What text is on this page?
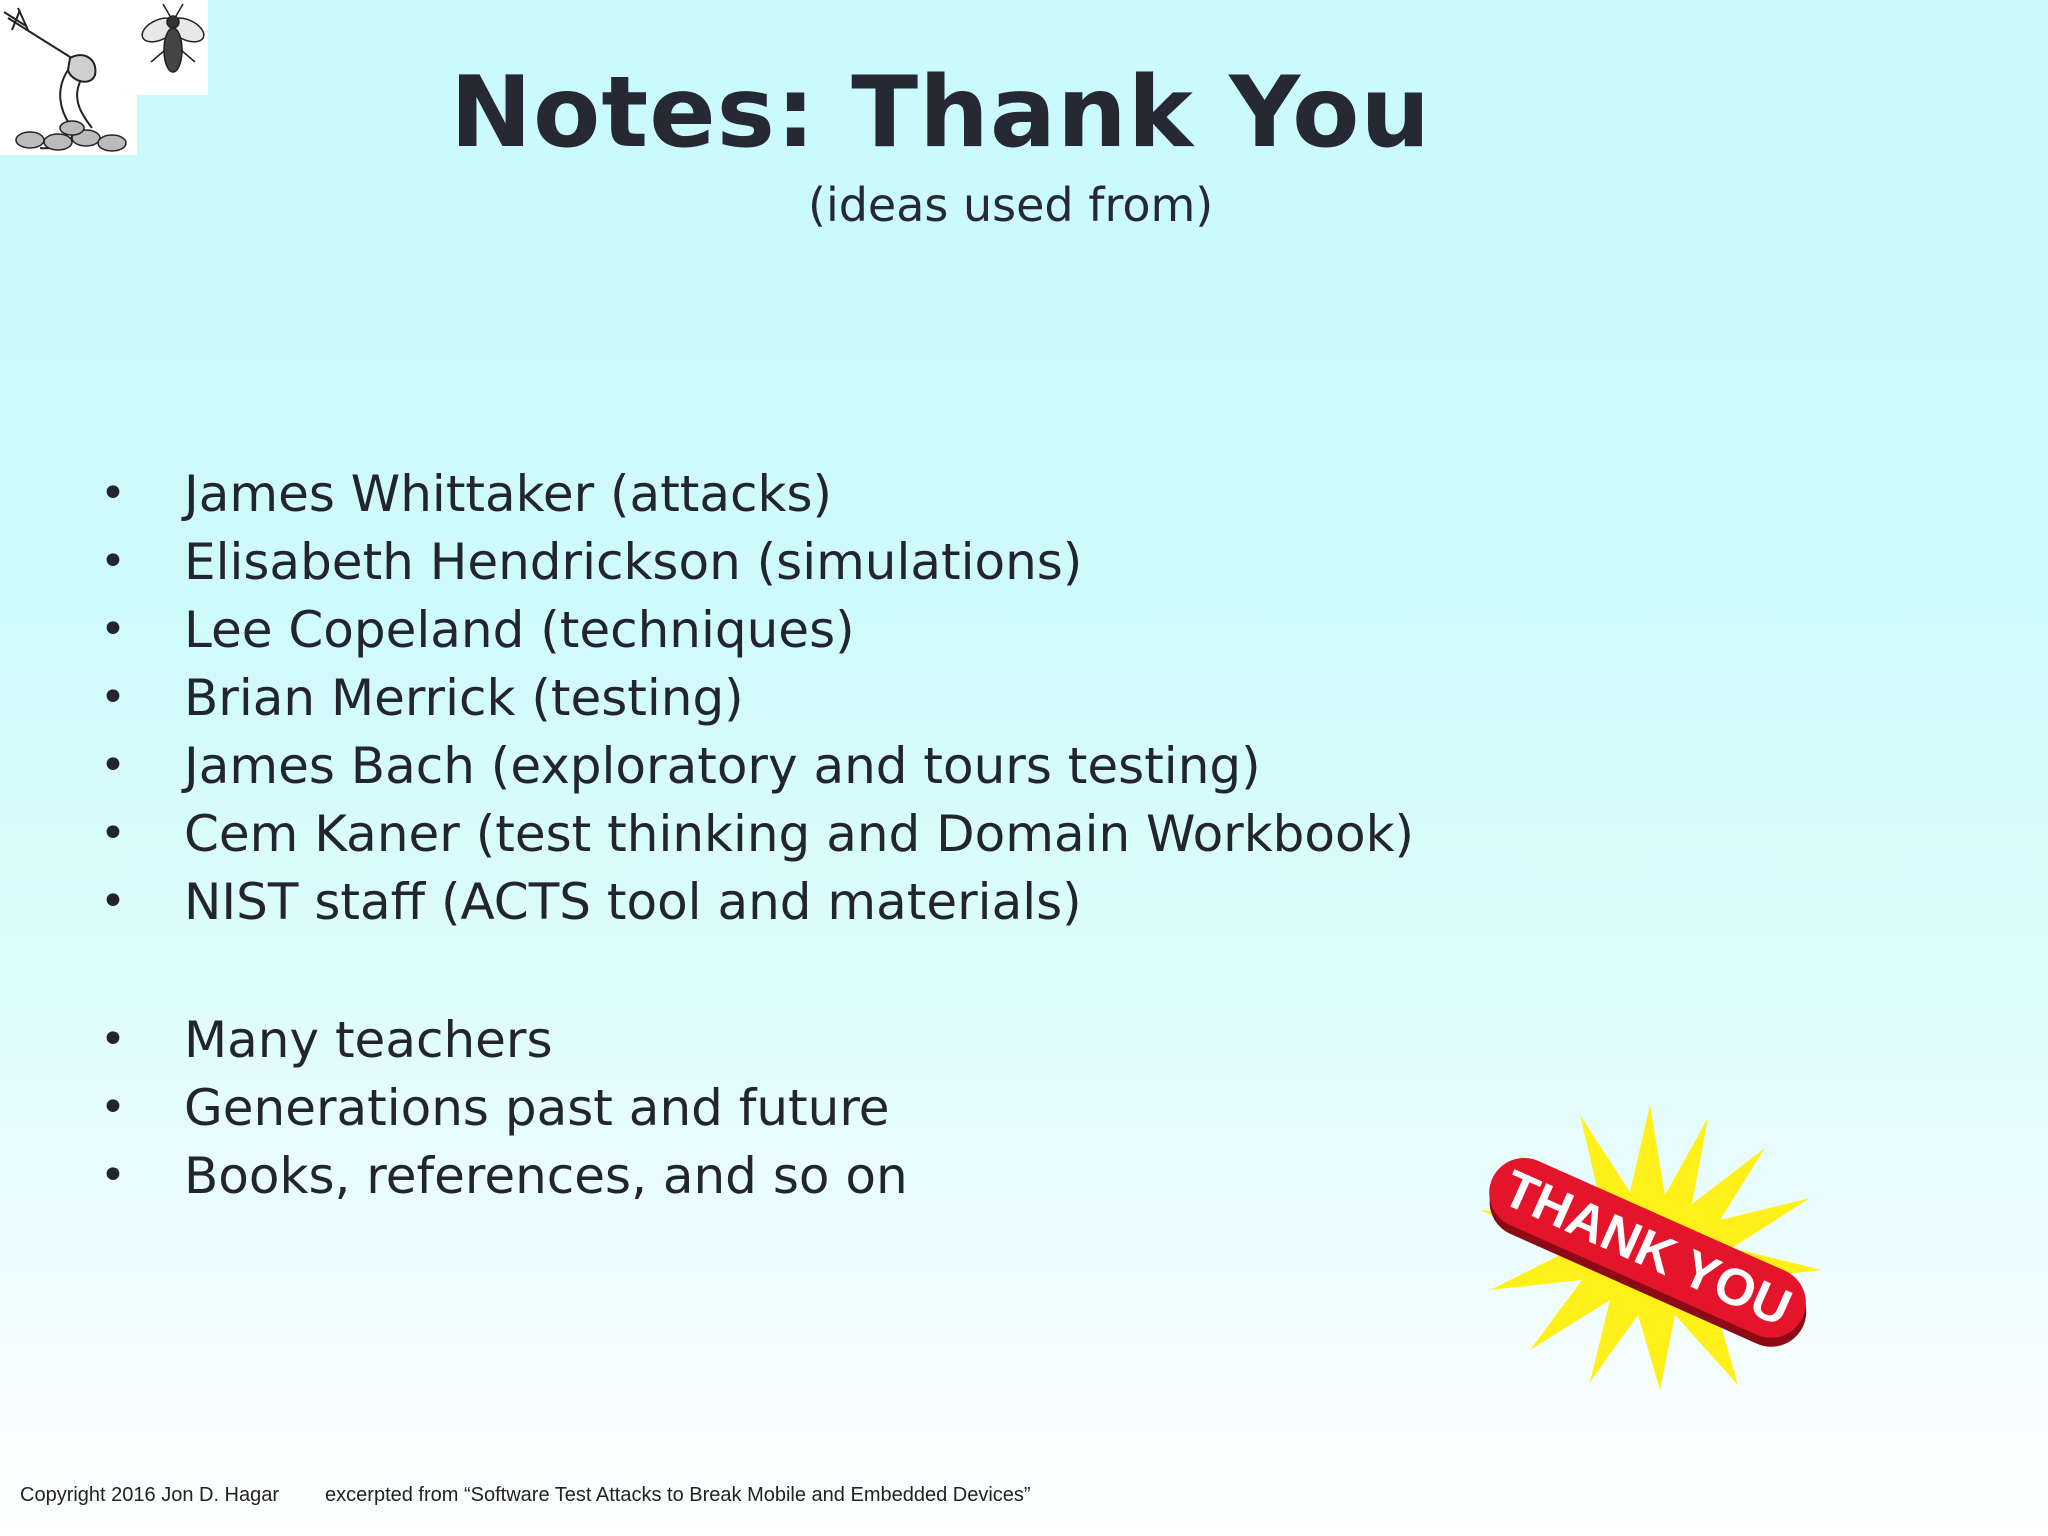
Notes: Thank You
(ideas used from)
• James Whittaker (attacks)
• Elisabeth Hendrickson (simulations)
• Lee Copeland (techniques)
• Brian Merrick (testing)
• James Bach (exploratory and tours testing)
• Cem Kaner (test thinking and Domain Workbook)
• NIST staff (ACTS tool and materials)
• Many teachers
• Generations past and future
• Books, references, and so on	THANK YOU
Copyright 2016 Jon D. Hagar excerpted from “Software Test Attacks to Break Mobile and Embedded Devices”
